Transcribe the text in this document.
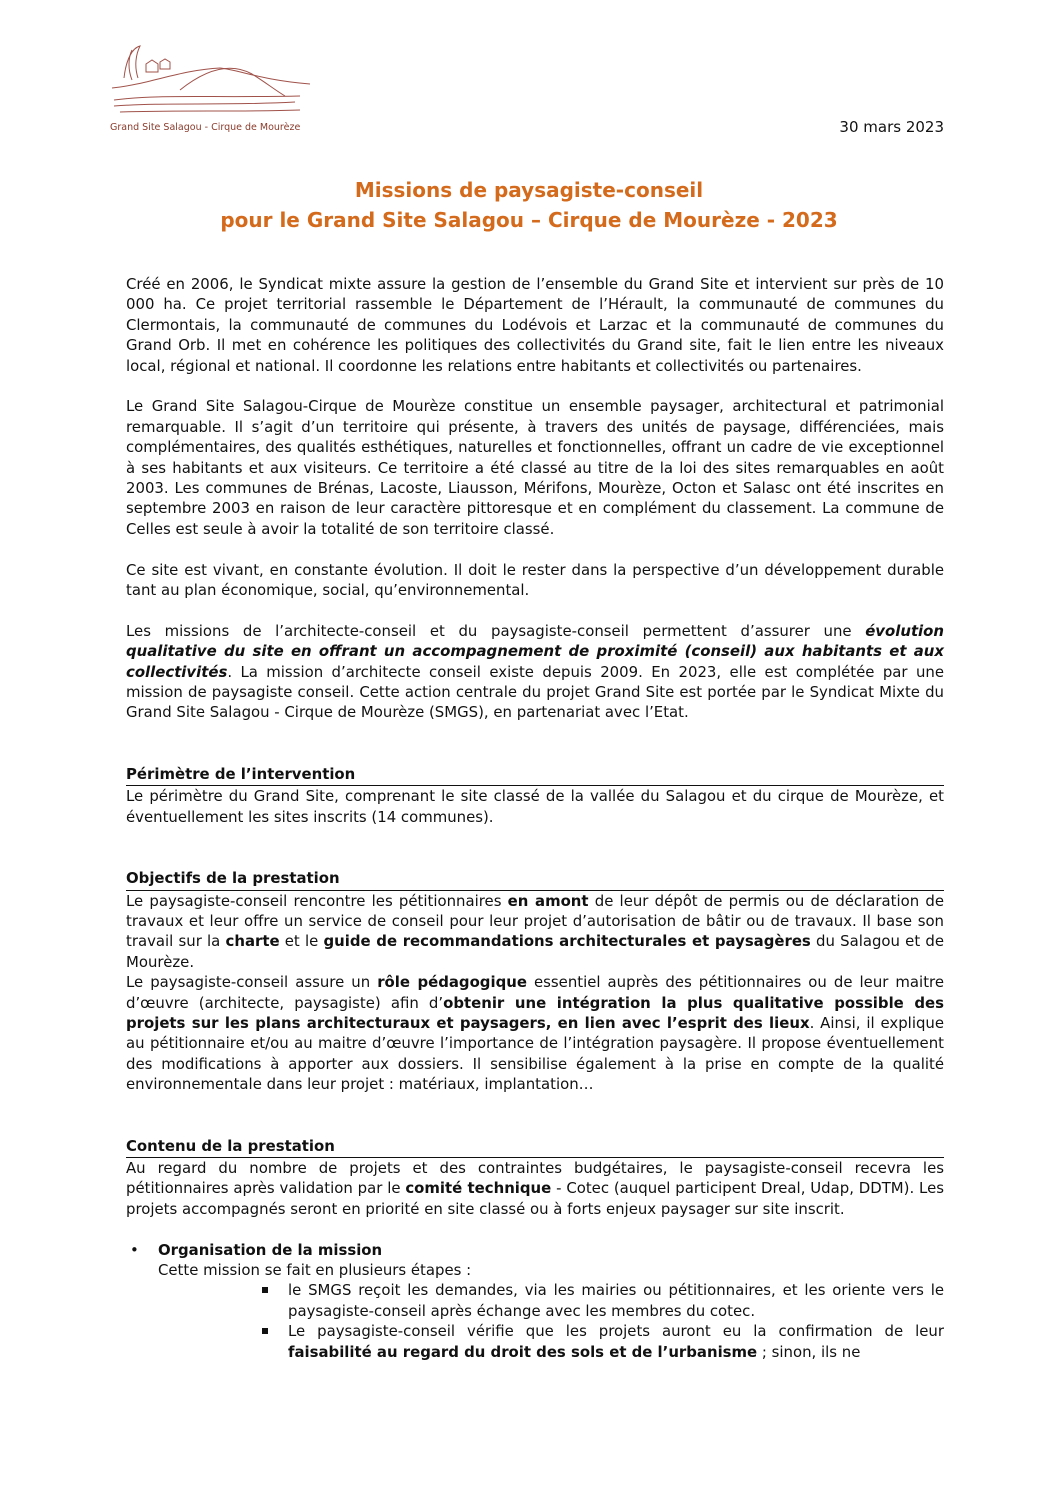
Grand Site Salagou - Cirque de Mourèze	30 mars 2023
Missions de paysagiste-conseil
pour le Grand Site Salagou – Cirque de Mourèze - 2023

Créé en 2006, le Syndicat mixte assure la gestion de l’ensemble du Grand Site et intervient sur près de 10 000 ha. Ce projet territorial rassemble le Département de l’Hérault, la communauté de communes du Clermontais, la communauté de communes du Lodévois et Larzac et la communauté de communes du Grand Orb. Il met en cohérence les politiques des collectivités du Grand site, fait le lien entre les niveaux local, régional et national. Il coordonne les relations entre habitants et collectivités ou partenaires.

Le Grand Site Salagou-Cirque de Mourèze constitue un ensemble paysager, architectural et patrimonial remarquable. Il s’agit d’un territoire qui présente, à travers des unités de paysage, différenciées, mais complémentaires, des qualités esthétiques, naturelles et fonctionnelles, offrant un cadre de vie exceptionnel à ses habitants et aux visiteurs. Ce territoire a été classé au titre de la loi des sites remarquables en août 2003. Les communes de Brénas, Lacoste, Liausson, Mérifons, Mourèze, Octon et Salasc ont été inscrites en septembre 2003 en raison de leur caractère pittoresque et en complément du classement. La commune de Celles est seule à avoir la totalité de son territoire classé.

Ce site est vivant, en constante évolution. Il doit le rester dans la perspective d’un développement durable tant au plan économique, social, qu’environnemental.

Les missions de l’architecte-conseil et du paysagiste-conseil permettent d’assurer une évolution qualitative du site en offrant un accompagnement de proximité (conseil) aux habitants et aux collectivités. La mission d’architecte conseil existe depuis 2009. En 2023, elle est complétée par une mission de paysagiste conseil. Cette action centrale du projet Grand Site est portée par le Syndicat Mixte du Grand Site Salagou - Cirque de Mourèze (SMGS), en partenariat avec l’Etat.

Périmètre de l’intervention

Le périmètre du Grand Site, comprenant le site classé de la vallée du Salagou et du cirque de Mourèze, et éventuellement les sites inscrits (14 communes).

Objectifs de la prestation

Le paysagiste-conseil rencontre les pétitionnaires en amont de leur dépôt de permis ou de déclaration de travaux et leur offre un service de conseil pour leur projet d’autorisation de bâtir ou de travaux. Il base son travail sur la charte et le guide de recommandations architecturales et paysagères du Salagou et de Mourèze.

Le paysagiste-conseil assure un rôle pédagogique essentiel auprès des pétitionnaires ou de leur maitre d’œuvre (architecte, paysagiste) afin d’obtenir une intégration la plus qualitative possible des projets sur les plans architecturaux et paysagers, en lien avec l’esprit des lieux. Ainsi, il explique au pétitionnaire et/ou au maitre d’œuvre l’importance de l’intégration paysagère. Il propose éventuellement des modifications à apporter aux dossiers. Il sensibilise également à la prise en compte de la qualité environnementale dans leur projet : matériaux, implantation…

Contenu de la prestation

Au regard du nombre de projets et des contraintes budgétaires, le paysagiste-conseil recevra les pétitionnaires après validation par le comité technique - Cotec (auquel participent Dreal, Udap, DDTM). Les projets accompagnés seront en priorité en site classé ou à forts enjeux paysager sur site inscrit.

• Organisation de la mission
Cette mission se fait en plusieurs étapes :
le SMGS reçoit les demandes, via les mairies ou pétitionnaires, et les oriente vers le paysagiste-conseil après échange avec les membres du cotec.
Le paysagiste-conseil vérifie que les projets auront eu la confirmation de leur faisabilité au regard du droit des sols et de l’urbanisme ; sinon, ils ne
